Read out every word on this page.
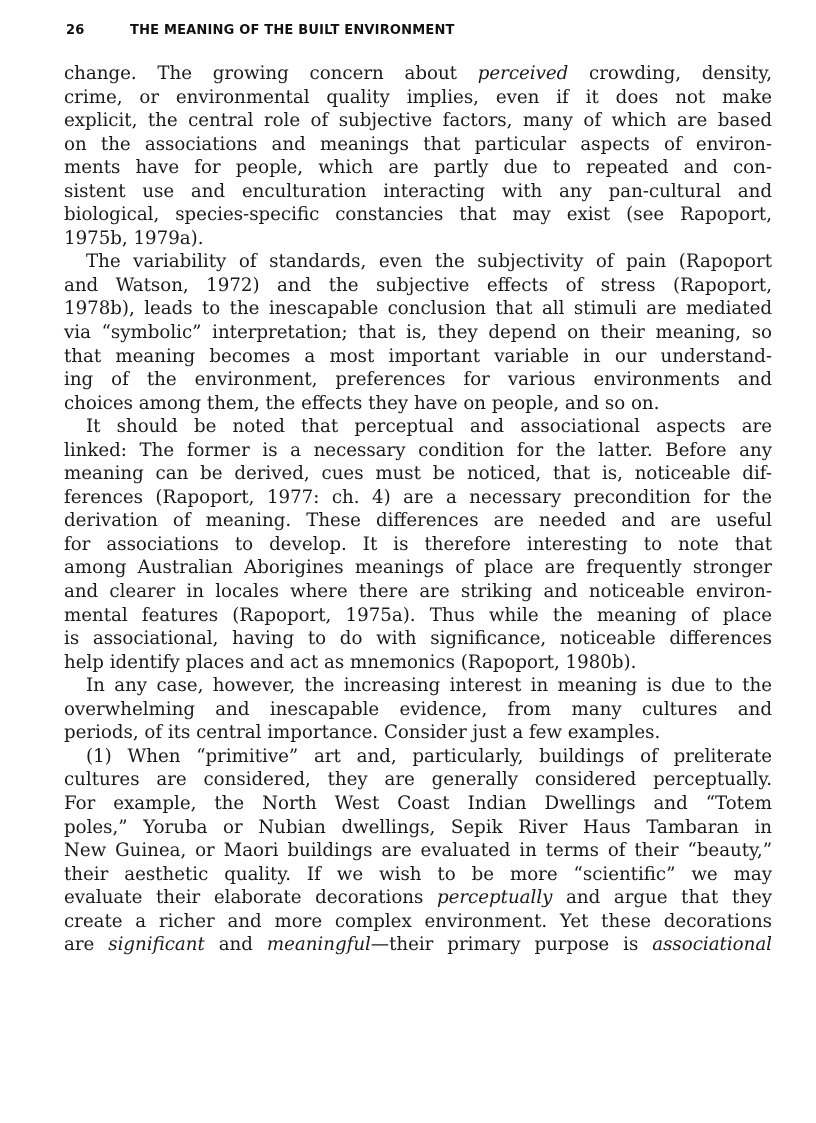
26	THE MEANING OF THE BUILT ENVIRONMENT
change. The growing concern about perceived crowding, density,
crime, or environmental quality implies, even if it does not make
explicit, the central role of subjective factors, many of which are based
on the associations and meanings that particular aspects of environ-
ments have for people, which are partly due to repeated and con-
sistent use and enculturation interacting with any pan-cultural and
biological, species-specific constancies that may exist (see Rapoport,
1975b, 1979a).
The variability of standards, even the subjectivity of pain (Rapoport
and Watson, 1972) and the subjective effects of stress (Rapoport,
1978b), leads to the inescapable conclusion that all stimuli are mediated
via “symbolic” interpretation; that is, they depend on their meaning, so
that meaning becomes a most important variable in our understand-
ing of the environment, preferences for various environments and
choices among them, the effects they have on people, and so on.
It should be noted that perceptual and associational aspects are
linked: The former is a necessary condition for the latter. Before any
meaning can be derived, cues must be noticed, that is, noticeable dif-
ferences (Rapoport, 1977: ch. 4) are a necessary precondition for the
derivation of meaning. These differences are needed and are useful
for associations to develop. It is therefore interesting to note that
among Australian Aborigines meanings of place are frequently stronger
and clearer in locales where there are striking and noticeable environ-
mental features (Rapoport, 1975a). Thus while the meaning of place
is associational, having to do with significance, noticeable differences
help identify places and act as mnemonics (Rapoport, 1980b).
In any case, however, the increasing interest in meaning is due to the
overwhelming and inescapable evidence, from many cultures and
periods, of its central importance. Consider just a few examples.
(1) When “primitive” art and, particularly, buildings of preliterate
cultures are considered, they are generally considered perceptually.
For example, the North West Coast Indian Dwellings and “Totem
poles,” Yoruba or Nubian dwellings, Sepik River Haus Tambaran in
New Guinea, or Maori buildings are evaluated in terms of their “beauty,”
their aesthetic quality. If we wish to be more “scientific” we may
evaluate their elaborate decorations perceptually and argue that they
create a richer and more complex environment. Yet these decorations
are significant and meaningful—their primary purpose is associational
